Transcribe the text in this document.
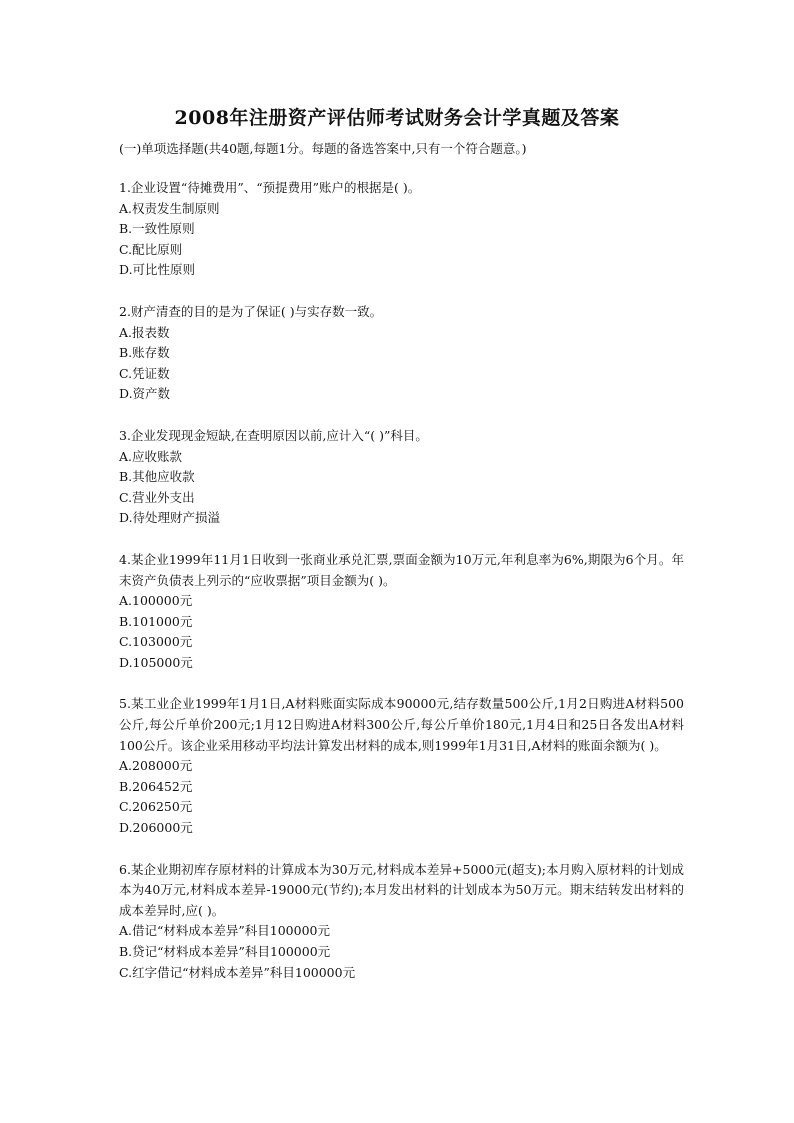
2008年注册资产评估师考试财务会计学真题及答案
(一)单项选择题(共40题,每题1分。每题的备选答案中,只有一个符合题意。)

1.企业设置“待摊费用”、“预提费用”账户的根据是( )。

A.权责发生制原则

B.一致性原则

C.配比原则

D.可比性原则

2.财产清查的目的是为了保证( )与实存数一致。

A.报表数

B.账存数

C.凭证数

D.资产数

3.企业发现现金短缺,在查明原因以前,应计入“( )”科目。

A.应收账款

B.其他应收款

C.营业外支出

D.待处理财产损溢

4.某企业1999年11月1日收到一张商业承兑汇票,票面金额为10万元,年利息率为6%,期限为6个月。年末资产负债表上列示的“应收票据”项目金额为( )。

A.100000元

B.101000元

C.103000元

D.105000元

5.某工业企业1999年1月1日,A材料账面实际成本90000元,结存数量500公斤,1月2日购进A材料500公斤,每公斤单价200元;1月12日购进A材料300公斤,每公斤单价180元,1月4日和25日各发出A材料100公斤。该企业采用移动平均法计算发出材料的成本,则1999年1月31日,A材料的账面余额为( )。

A.208000元

B.206452元

C.206250元

D.206000元

6.某企业期初库存原材料的计算成本为30万元,材料成本差异+5000元(超支);本月购入原材料的计划成本为40万元,材料成本差异-19000元(节约);本月发出材料的计划成本为50万元。期末结转发出材料的成本差异时,应( )。

A.借记“材料成本差异”科目100000元

B.贷记“材料成本差异”科目100000元

C.红字借记“材料成本差异”科目100000元
